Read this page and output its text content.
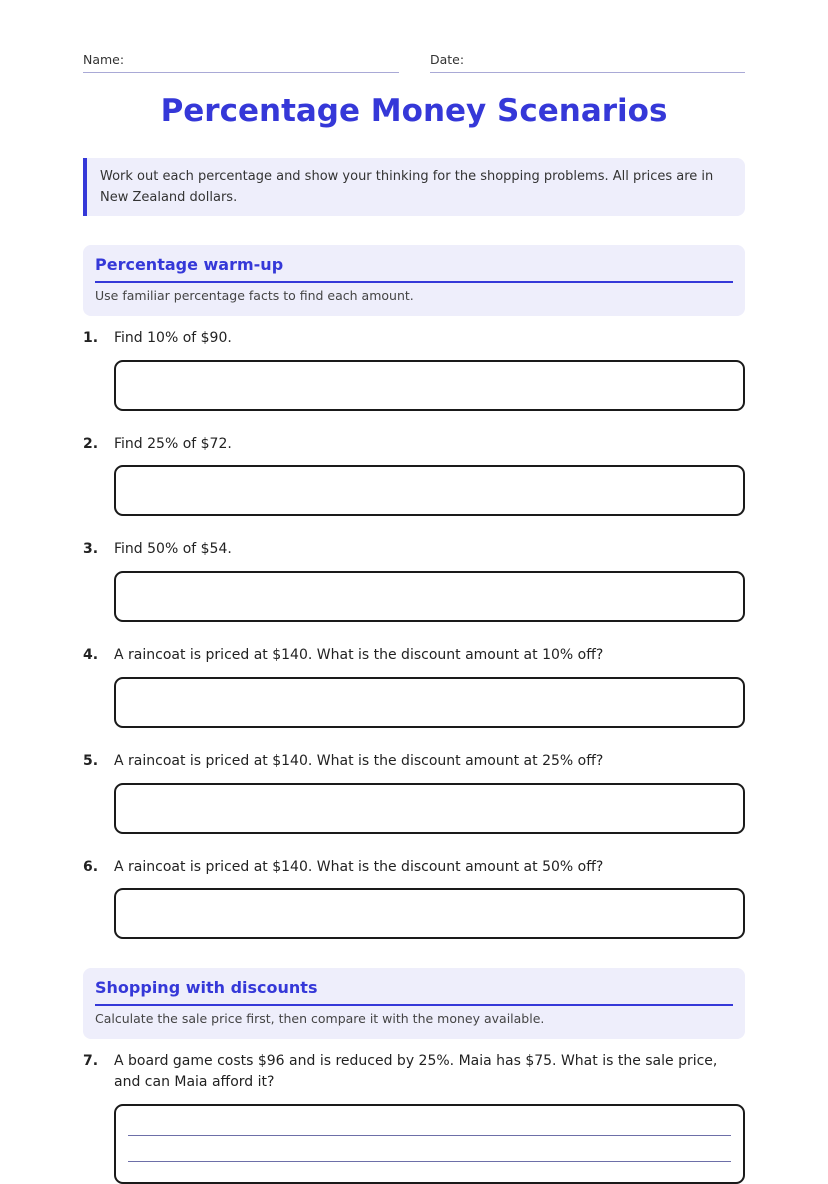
Name:	Date:
Percentage Money Scenarios
Work out each percentage and show your thinking for the shopping problems. All prices are in New Zealand dollars.
Percentage warm-up
Use familiar percentage facts to find each amount.
1. Find 10% of $90.
2. Find 25% of $72.
3. Find 50% of $54.
4. A raincoat is priced at $140. What is the discount amount at 10% off?
5. A raincoat is priced at $140. What is the discount amount at 25% off?
6. A raincoat is priced at $140. What is the discount amount at 50% off?
Shopping with discounts
Calculate the sale price first, then compare it with the money available.
7. A board game costs $96 and is reduced by 25%. Maia has $75. What is the sale price, and can Maia afford it?
